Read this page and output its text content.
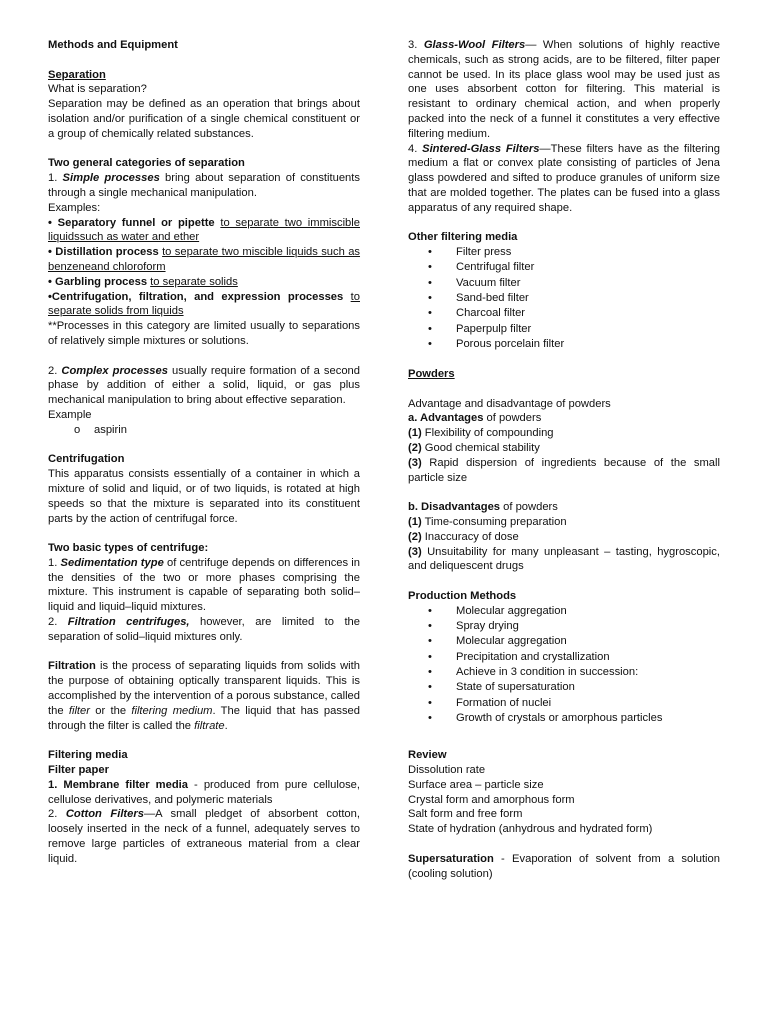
Methods and Equipment

Separation

What is separation?

Separation may be defined as an operation that brings about isolation and/or purification of a single chemical constituent or a group of chemically related substances.

Two general categories of separation

1. Simple processes bring about separation of constituents through a single mechanical manipulation.

Examples:

• Separatory funnel or pipette to separate two immiscible liquidssuch as water and ether

• Distillation process to separate two miscible liquids such as benzeneand chloroform

• Garbling process to separate solids

•Centrifugation, filtration, and expression processes to separate solids from liquids

**Processes in this category are limited usually to separations of relatively simple mixtures or solutions.

2. Complex processes usually require formation of a second phase by addition of either a solid, liquid, or gas plus mechanical manipulation to bring about effective separation.

Example

o aspirin

Centrifugation

This apparatus consists essentially of a container in which a mixture of solid and liquid, or of two liquids, is rotated at high speeds so that the mixture is separated into its constituent parts by the action of centrifugal force.

Two basic types of centrifuge:

1. Sedimentation type of centrifuge depends on differences in the densities of the two or more phases comprising the mixture. This instrument is capable of separating both solid–liquid and liquid–liquid mixtures.

2. Filtration centrifuges, however, are limited to the separation of solid–liquid mixtures only.

Filtration is the process of separating liquids from solids with the purpose of obtaining optically transparent liquids. This is accomplished by the intervention of a porous substance, called the filter or the filtering medium. The liquid that has passed through the filter is called the filtrate.

Filtering media

Filter paper

1. Membrane filter media - produced from pure cellulose, cellulose derivatives, and polymeric materials

2. Cotton Filters—A small pledget of absorbent cotton, loosely inserted in the neck of a funnel, adequately serves to remove large particles of extraneous material from a clear liquid.

3. Glass-Wool Filters— When solutions of highly reactive chemicals, such as strong acids, are to be filtered, filter paper cannot be used. In its place glass wool may be used just as one uses absorbent cotton for filtering. This material is resistant to ordinary chemical action, and when properly packed into the neck of a funnel it constitutes a very effective filtering medium.

4. Sintered-Glass Filters—These filters have as the filtering medium a flat or convex plate consisting of particles of Jena glass powdered and sifted to produce granules of uniform size that are molded together. The plates can be fused into a glass apparatus of any required shape.

Other filtering media

• Filter press
• Centrifugal filter
• Vacuum filter
• Sand-bed filter
• Charcoal filter
• Paperpulp filter
• Porous porcelain filter

Powders

Advantage and disadvantage of powders

a. Advantages of powders

(1) Flexibility of compounding

(2) Good chemical stability

(3) Rapid dispersion of ingredients because of the small particle size

b. Disadvantages of powders

(1) Time-consuming preparation

(2) Inaccuracy of dose

(3) Unsuitability for many unpleasant – tasting, hygroscopic, and deliquescent drugs

Production Methods

• Molecular aggregation
• Spray drying
• Molecular aggregation
• Precipitation and crystallization
• Achieve in 3 condition in succession:
• State of supersaturation
• Formation of nuclei
• Growth of crystals or amorphous particles

Review

Dissolution rate

Surface area – particle size

Crystal form and amorphous form

Salt form and free form

State of hydration (anhydrous and hydrated form)

Supersaturation - Evaporation of solvent from a solution (cooling solution)
